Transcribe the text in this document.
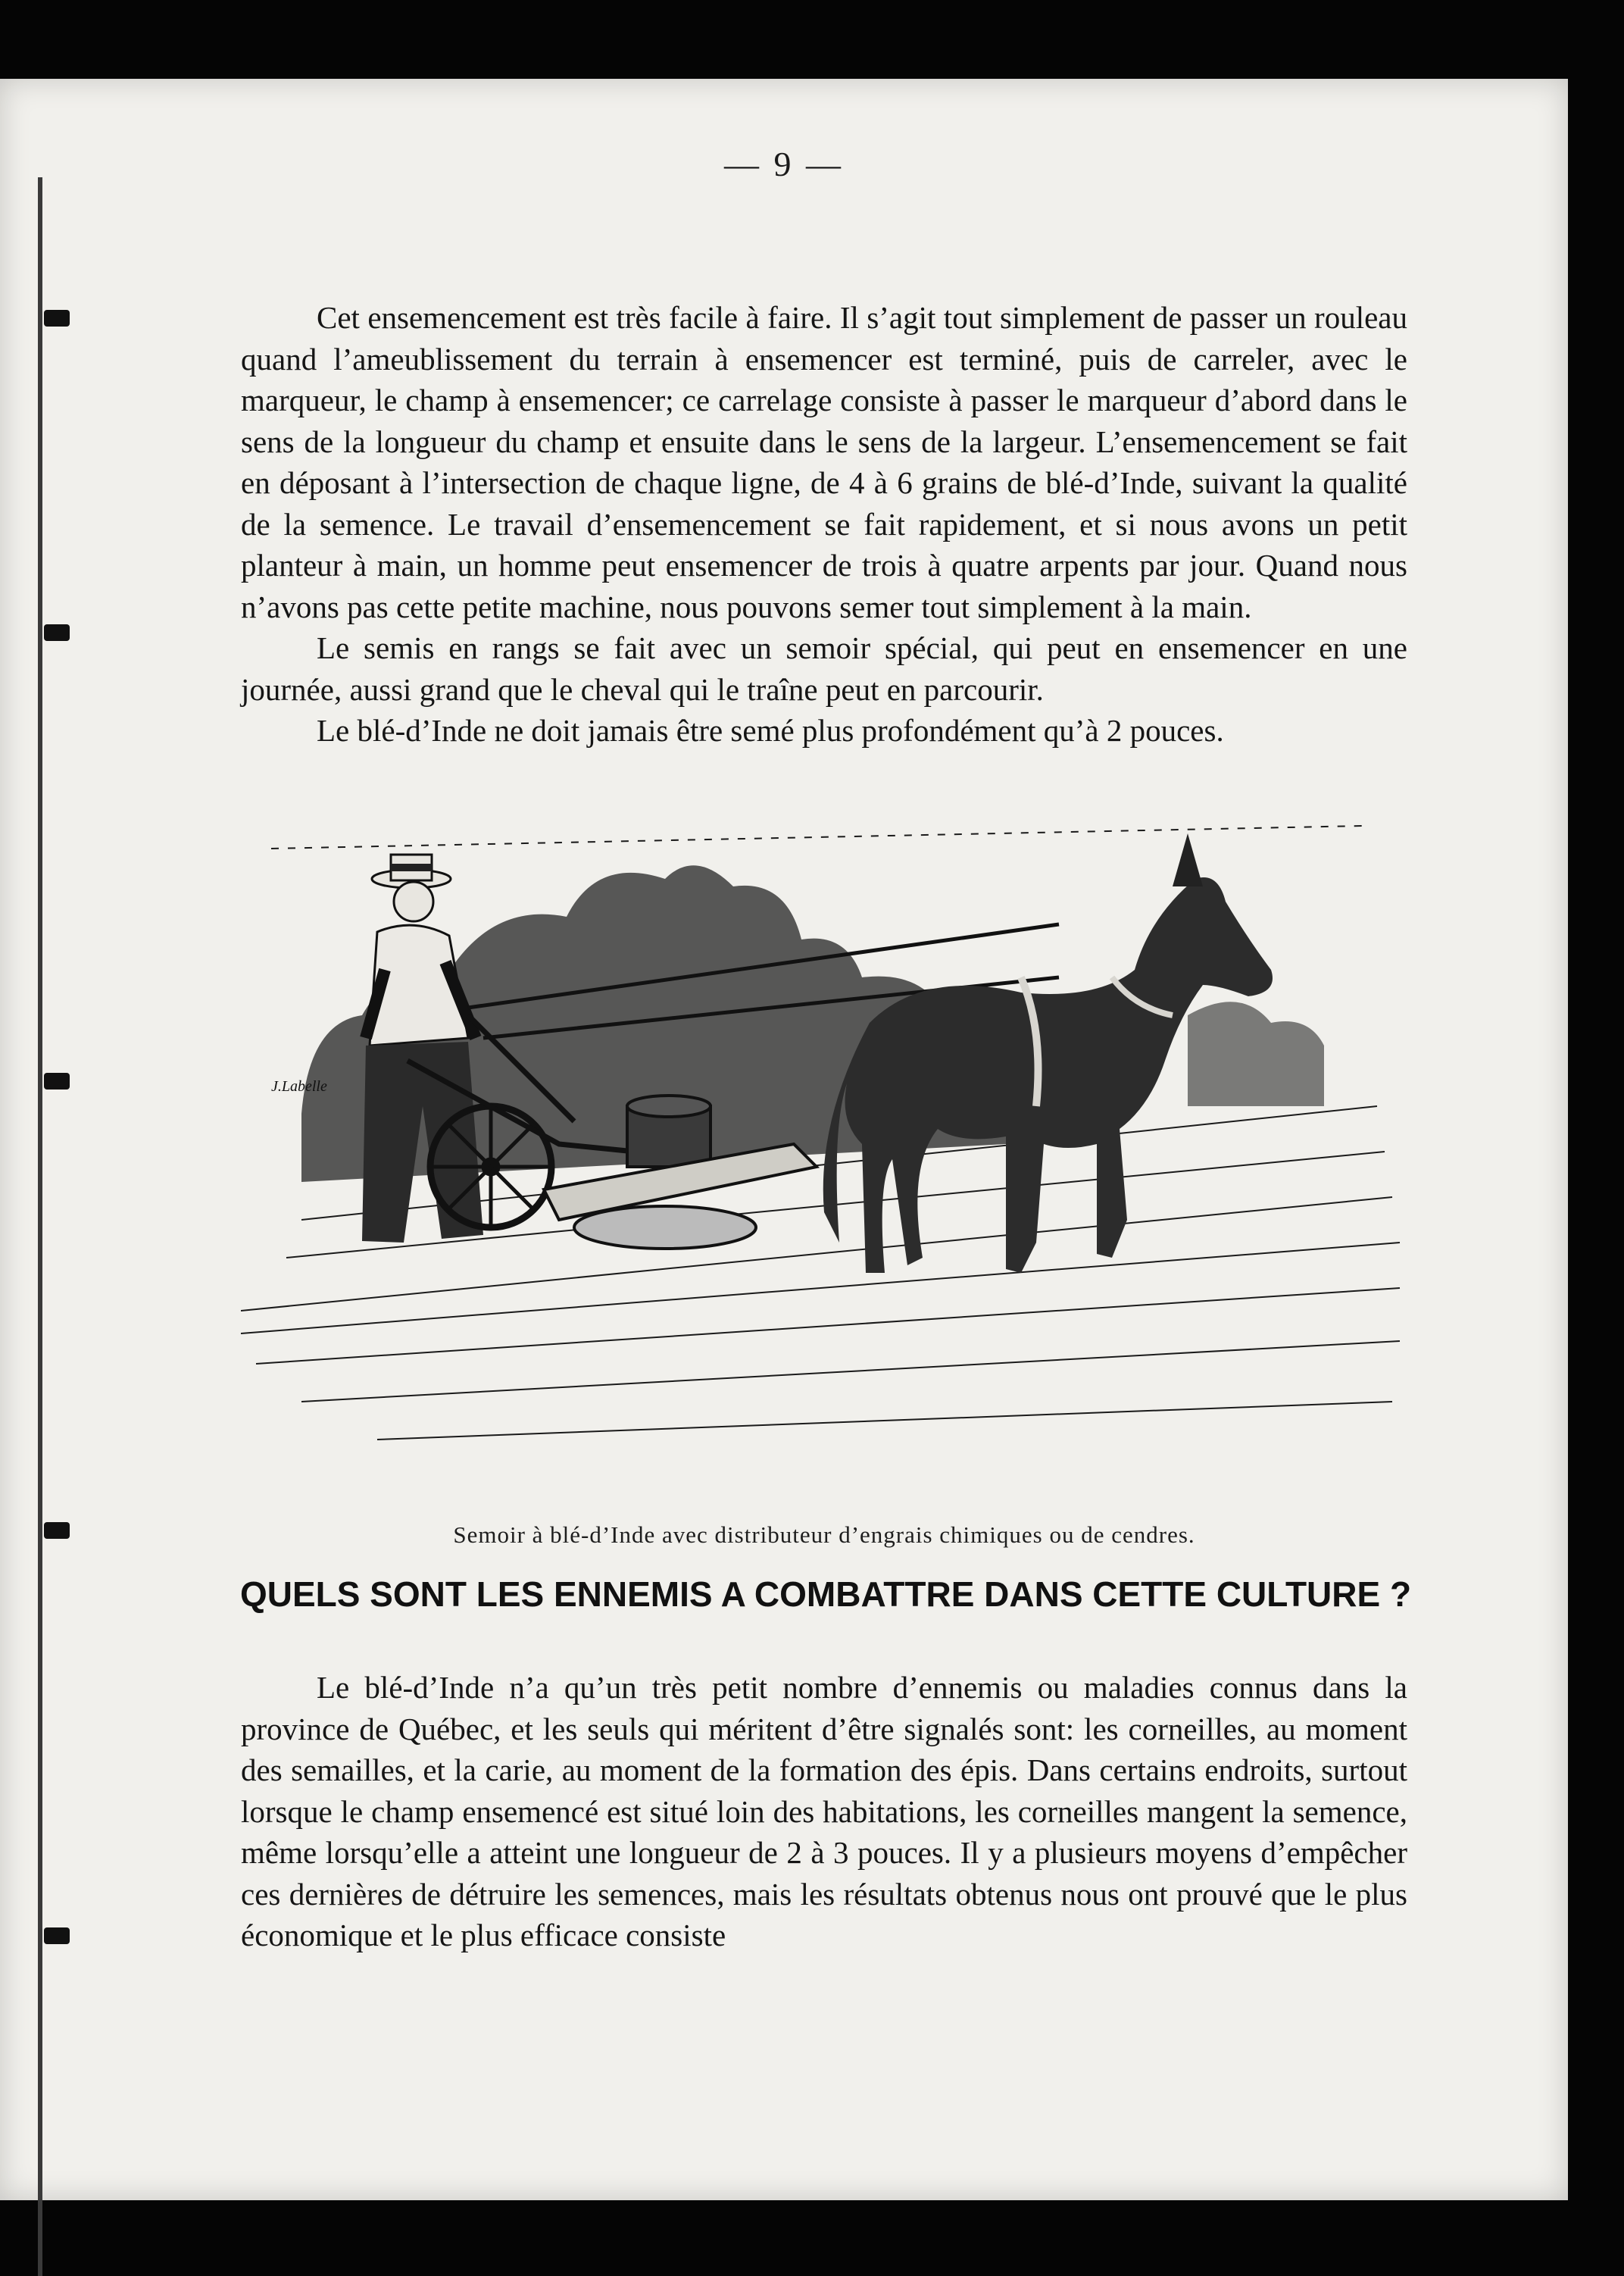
— 9 —

Cet ensemencement est très facile à faire. Il s’agit tout simplement de passer un rouleau quand l’ameublissement du terrain à ensemencer est terminé, puis de carreler, avec le marqueur, le champ à ensemencer; ce carrelage consiste à passer le marqueur d’abord dans le sens de la longueur du champ et ensuite dans le sens de la largeur. L’ensemencement se fait en déposant à l’intersection de chaque ligne, de 4 à 6 grains de blé-d’Inde, suivant la qualité de la semence. Le travail d’ensemencement se fait rapidement, et si nous avons un petit planteur à main, un homme peut ensemencer de trois à quatre arpents par jour. Quand nous n’avons pas cette petite machine, nous pouvons semer tout simplement à la main.

Le semis en rangs se fait avec un semoir spécial, qui peut en ensemencer en une journée, aussi grand que le cheval qui le traîne peut en parcourir.

Le blé-d’Inde ne doit jamais être semé plus profondément qu’à 2 pouces.

J.Labelle
Semoir à blé-d’Inde avec distributeur d’engrais chimiques ou de cendres.
QUELS SONT LES ENNEMIS A COMBATTRE DANS CETTE CULTURE ?

Le blé-d’Inde n’a qu’un très petit nombre d’ennemis ou maladies connus dans la province de Québec, et les seuls qui méritent d’être signalés sont: les corneilles, au moment des semailles, et la carie, au moment de la formation des épis. Dans certains endroits, surtout lorsque le champ ensemencé est situé loin des habitations, les corneilles mangent la semence, même lorsqu’elle a atteint une longueur de 2 à 3 pouces. Il y a plusieurs moyens d’empêcher ces dernières de détruire les semences, mais les résultats obtenus nous ont prouvé que le plus économique et le plus efficace consiste
